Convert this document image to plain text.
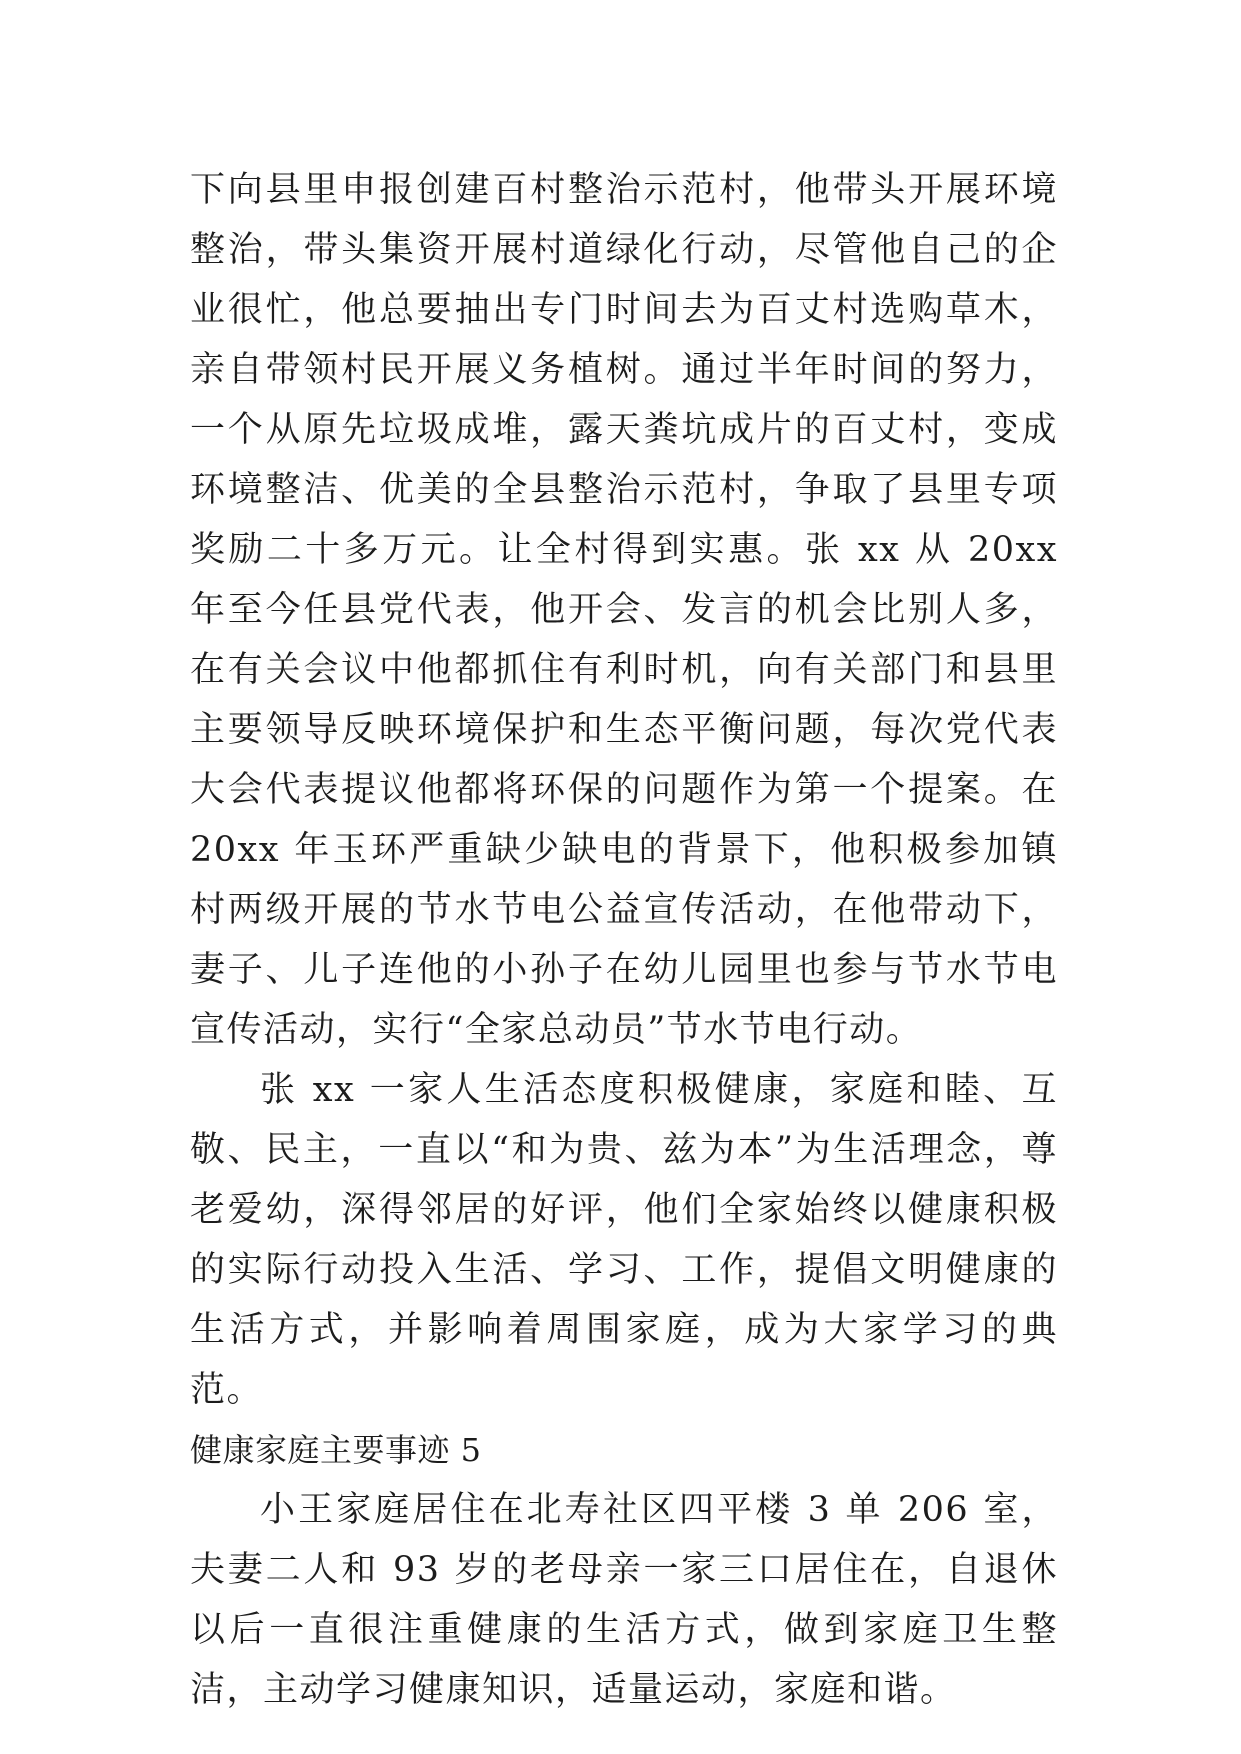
下向县里申报创建百村整治示范村，他带头开展环境整治，带头集资开展村道绿化行动，尽管他自己的企业很忙，他总要抽出专门时间去为百丈村选购草木，亲自带领村民开展义务植树。通过半年时间的努力，一个从原先垃圾成堆，露天粪坑成片的百丈村，变成环境整洁、优美的全县整治示范村，争取了县里专项奖励二十多万元。让全村得到实惠。张 xx 从 20xx 年至今任县党代表，他开会、发言的机会比别人多，在有关会议中他都抓住有利时机，向有关部门和县里主要领导反映环境保护和生态平衡问题，每次党代表大会代表提议他都将环保的问题作为第一个提案。在 20xx 年玉环严重缺少缺电的背景下，他积极参加镇村两级开展的节水节电公益宣传活动，在他带动下，妻子、儿子连他的小孙子在幼儿园里也参与节水节电宣传活动，实行“全家总动员”节水节电行动。

张 xx 一家人生活态度积极健康，家庭和睦、互敬、民主，一直以“和为贵、兹为本”为生活理念，尊老爱幼，深得邻居的好评，他们全家始终以健康积极的实际行动投入生活、学习、工作，提倡文明健康的生活方式，并影响着周围家庭，成为大家学习的典范。

健康家庭主要事迹 5

小王家庭居住在北寿社区四平楼 3 单 206 室，夫妻二人和 93 岁的老母亲一家三口居住在，自退休以后一直很注重健康的生活方式，做到家庭卫生整洁，主动学习健康知识，适量运动，家庭和谐。
